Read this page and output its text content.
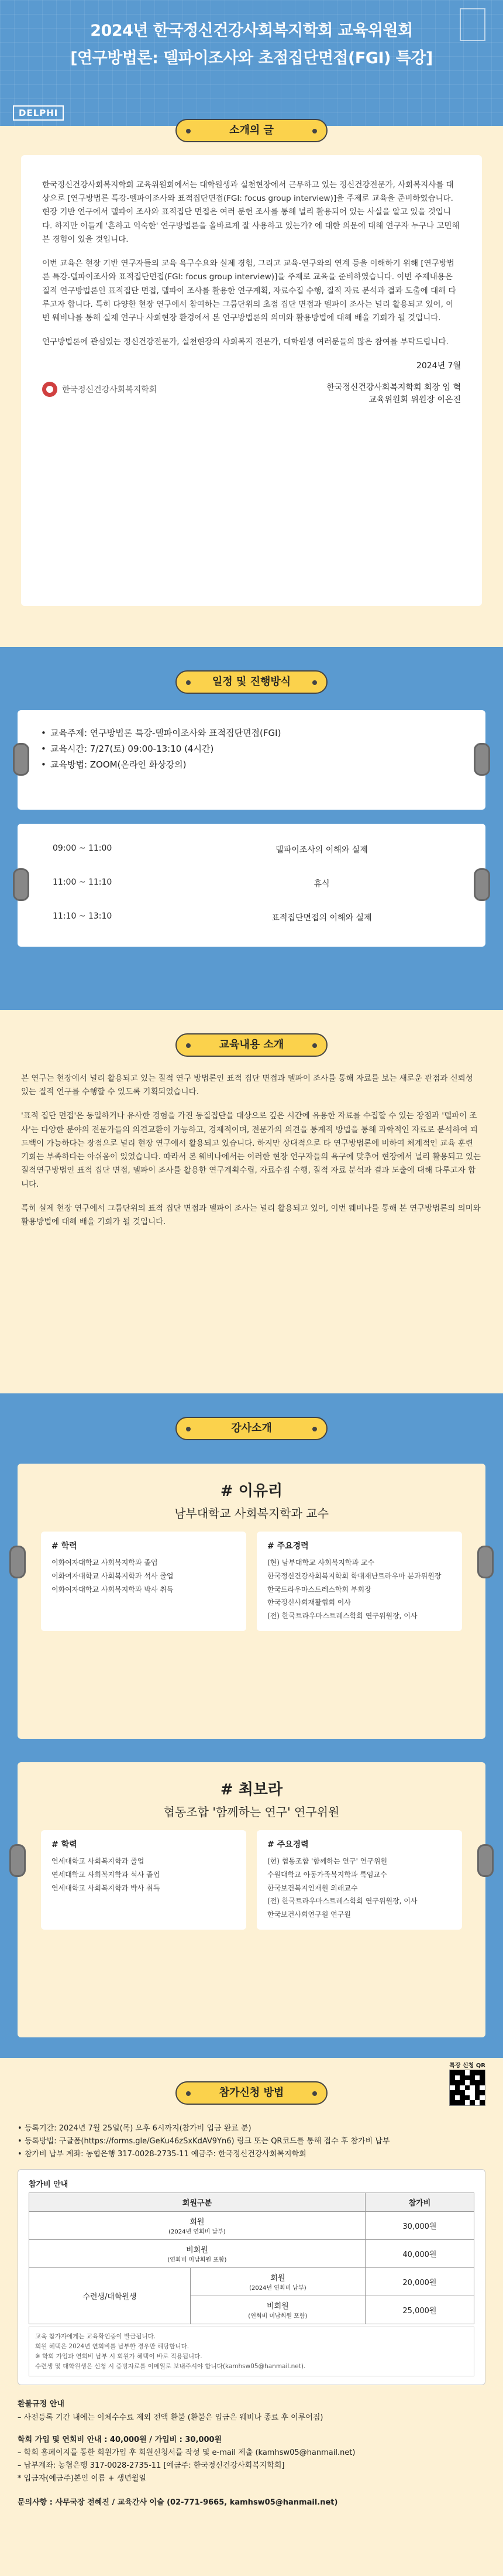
2024년 한국정신건강사회복지학회 교육위원회
[연구방법론: 델파이조사와 초점집단면접(FGI) 특강]
DELPHI
소개의 글

한국정신건강사회복지학회 교육위원회에서는 대학원생과 실천현장에서 근무하고 있는 정신건강전문가, 사회복지사를 대상으로 [연구방법론 특강-델파이조사와 표적집단면접(FGI: focus group interview)]을 주제로 교육을 준비하였습니다. 현장 기반 연구에서 델파이 조사와 표적집단 면접은 여러 분헌 조사를 통해 널리 활용되어 있는 사실을 알고 있을 것입니다. 하지만 이들게 '흔하고 익숙한' 연구방법론을 올바르게 잘 사용하고 있는가? 에 대한 의문에 대해 연구자 누구나 고민해 본 경험이 있을 것입니다.

이번 교육은 현장 기반 연구자들의 교육 욕구수요와 실제 경험, 그리고 교육-연구와의 연계 등을 이해하기 위해 [연구방법론 특강-델파이조사와 표적집단면접(FGI: focus group interview)]을 주제로 교육을 준비하였습니다. 이번 주제내용은 질적 연구방법론인 표적집단 면접, 델파이 조사를 활용한 연구계획, 자료수집 수행, 질적 자료 분석과 결과 도출에 대해 다루고자 합니다. 특히 다양한 현장 연구에서 참여하는 그룹단위의 초점 집단 면접과 델파이 조사는 널리 활용되고 있어, 이번 웨비나를 통해 실제 연구나 사회현장 환경에서 본 연구방법론의 의미와 활용방법에 대해 배울 기회가 될 것입니다.

연구방법론에 관심있는 정신건강전문가, 실천현장의 사회복지 전문가, 대학원생 여러분들의 많은 참여를 부탁드립니다.

2024년 7월
한국정신건강사회복지학회	한국정신건강사회복지학회 회장 임 혁
교육위원회 위원장 이은진
일정 및 진행방식
• 교육주제: 연구방법론 특강-델파이조사와 표적집단면접(FGI)
• 교육시간: 7/27(토) 09:00-13:10 (4시간)
• 교육방법: ZOOM(온라인 화상강의)
09:00 ~ 11:00	델파이조사의 이해와 실제
11:00 ~ 11:10	휴식
11:10 ~ 13:10	표적집단면접의 이해와 실제
교육내용 소개

본 연구는 현장에서 널리 활용되고 있는 질적 연구 방법론인 표적 집단 면접과 델파이 조사를 통해 자료를 보는 새로운 관점과 신뢰성 있는 질적 연구를 수행할 수 있도록 기획되었습니다.

'표적 집단 면접'은 동일하거나 유사한 경험을 가진 동질집단을 대상으로 깊은 시간에 유용한 자료를 수집할 수 있는 장점과 '델파이 조사'는 다양한 분야의 전문가들의 의견교환이 가능하고, 경제적이며, 전문가의 의견을 통계적 방법을 통해 과학적인 자료로 분석하여 피드백이 가능하다는 장점으로 널리 현장 연구에서 활용되고 있습니다. 하지만 상대적으로 타 연구방법론에 비하여 체계적인 교육 훈련 기회는 부족하다는 아쉬움이 있었습니다. 따라서 본 웨비나에서는 이러한 현장 연구자들의 욕구에 맞추어 현장에서 널리 활용되고 있는 질적연구방법인 표적 집단 면접, 델파이 조사를 활용한 연구계획수립, 자료수집 수행, 질적 자료 분석과 결과 도출에 대해 다루고자 합니다.

특히 실제 현장 연구에서 그룹단위의 표적 집단 면접과 델파이 조사는 널리 활용되고 있어, 이번 웨비나를 통해 본 연구방법론의 의미와 활용방법에 대해 배울 기회가 될 것입니다.

강사소개
# 이유리
남부대학교 사회복지학과 교수
# 학력
이화여자대학교 사회복지학과 졸업
이화여자대학교 사회복지학과 석사 졸업
이화여자대학교 사회복지학과 박사 취득
# 주요경력
(현) 남부대학교 사회복지학과 교수
한국정신건강사회복지학회 학대재난트라우마 분과위원장
한국트라우마스트레스학회 부회장
한국정신사회재활협회 이사
(전) 한국트라우마스트레스학회 연구위원장, 이사
# 최보라
협동조합 '함께하는 연구' 연구위원
# 학력
연세대학교 사회복지학과 졸업
연세대학교 사회복지학과 석사 졸업
연세대학교 사회복지학과 박사 취득
# 주요경력
(현) 협동조합 '함께하는 연구' 연구위원
수원대학교 아동가족복지학과 특임교수
한국보건복지인재원 외래교수
(전) 한국트라우마스트레스학회 연구위원장, 이사
한국보건사회연구원 연구원
특강 신청 QR
참가신청 방법
• 등록기간: 2024년 7월 25일(목) 오후 6시까지(참가비 입금 완료 분)
• 등록방법: 구글폼(https://forms.gle/GeKu46zSxKdAV9Yn6) 링크 또는 QR코드를 통해 접수 후 참가비 납부
• 참가비 납부 계좌: 농협은행 317-0028-2735-11 예금주: 한국정신건강사회복지학회
참가비 안내
회원구분		참가비
회원
(2024년 연회비 납부)		30,000원
비회원
(연회비 미납회원 포함)		40,000원
수련생/대학원생	회원
(2024년 연회비 납부)	20,000원
	비회원
(연회비 미납회원 포함)	25,000원
교육 참가자에게는 교육확인증이 발급됩니다.
회원 혜택은 2024년 연회비를 납부한 경우만 해당합니다.
※ 학회 가입과 연회비 납부 시 회원가 혜택이 바로 적용됩니다.
수련생 및 대학원생은 신청 시 증빙자료를 이메일로 보내주셔야 합니다(kamhsw05@hanmail.net).
환불규정 안내
– 사전등록 기간 내에는 이체수수료 제외 전액 환불 (환불은 입금은 웨비나 종료 후 이루어짐)
학회 가입 및 연회비 안내 : 40,000원 / 가입비 : 30,000원
– 학회 홈페이지를 통한 회원가입 후 회원신청서를 작성 및 e-mail 제출 (kamhsw05@hanmail.net)
– 납부계좌: 농협은행 317-0028-2735-11 [예금주: 한국정신건강사회복지학회]
* 입금자(예금주)본인 이름 + 생년월일
문의사항 : 사무국장 전혜진 / 교육간사 이슬 (02-771-9665, kamhsw05@hanmail.net)
